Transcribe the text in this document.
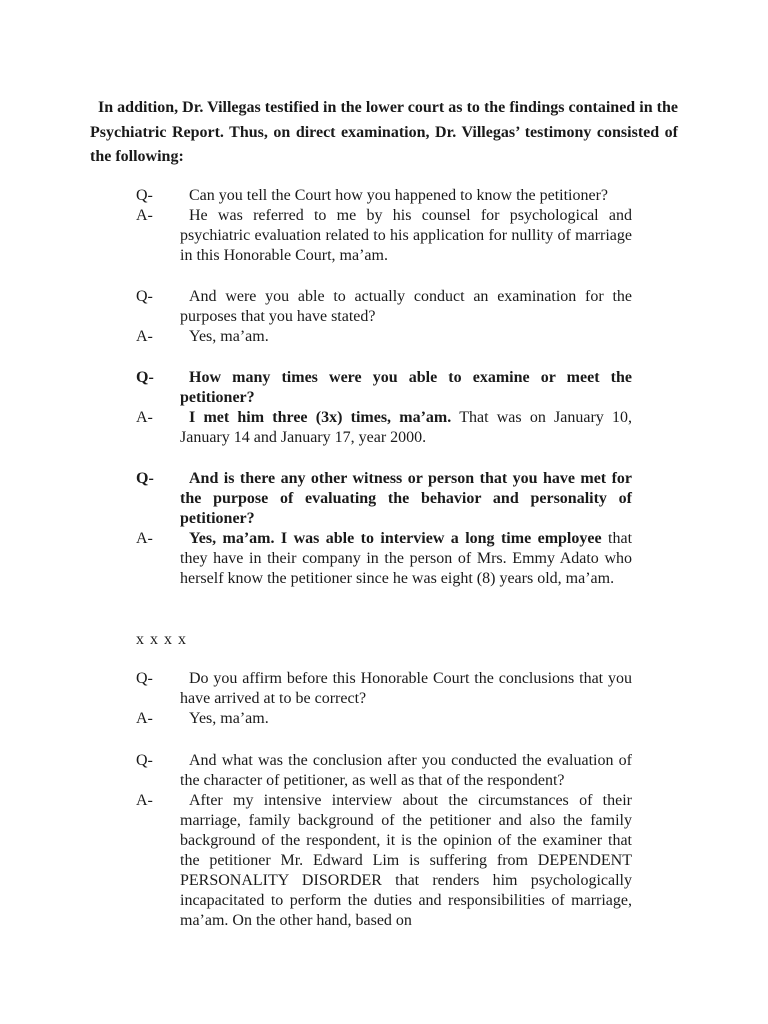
In addition, Dr. Villegas testified in the lower court as to the findings contained in the Psychiatric Report. Thus, on direct examination, Dr. Villegas’ testimony consisted of the following:

Q-	Can you tell the Court how you happened to know the petitioner?
A-	He was referred to me by his counsel for psychological and psychiatric evaluation related to his application for nullity of marriage in this Honorable Court, ma’am.
Q-	And were you able to actually conduct an examination for the purposes that you have stated?
A-	Yes, ma’am.
Q-	How many times were you able to examine or meet the petitioner?
A-	I met him three (3x) times, ma’am. That was on January 10, January 14 and January 17, year 2000.
Q-	And is there any other witness or person that you have met for the purpose of evaluating the behavior and personality of petitioner?
A-	Yes, ma’am. I was able to interview a long time employee that they have in their company in the person of Mrs. Emmy Adato who herself know the petitioner since he was eight (8) years old, ma’am.
x x x x
Q-	Do you affirm before this Honorable Court the conclusions that you have arrived at to be correct?
A-	Yes, ma’am.
Q-	And what was the conclusion after you conducted the evaluation of the character of petitioner, as well as that of the respondent?
A-	After my intensive interview about the circumstances of their marriage, family background of the petitioner and also the family background of the respondent, it is the opinion of the examiner that the petitioner Mr. Edward Lim is suffering from DEPENDENT PERSONALITY DISORDER that renders him psychologically incapacitated to perform the duties and responsibilities of marriage, ma’am. On the other hand, based on
